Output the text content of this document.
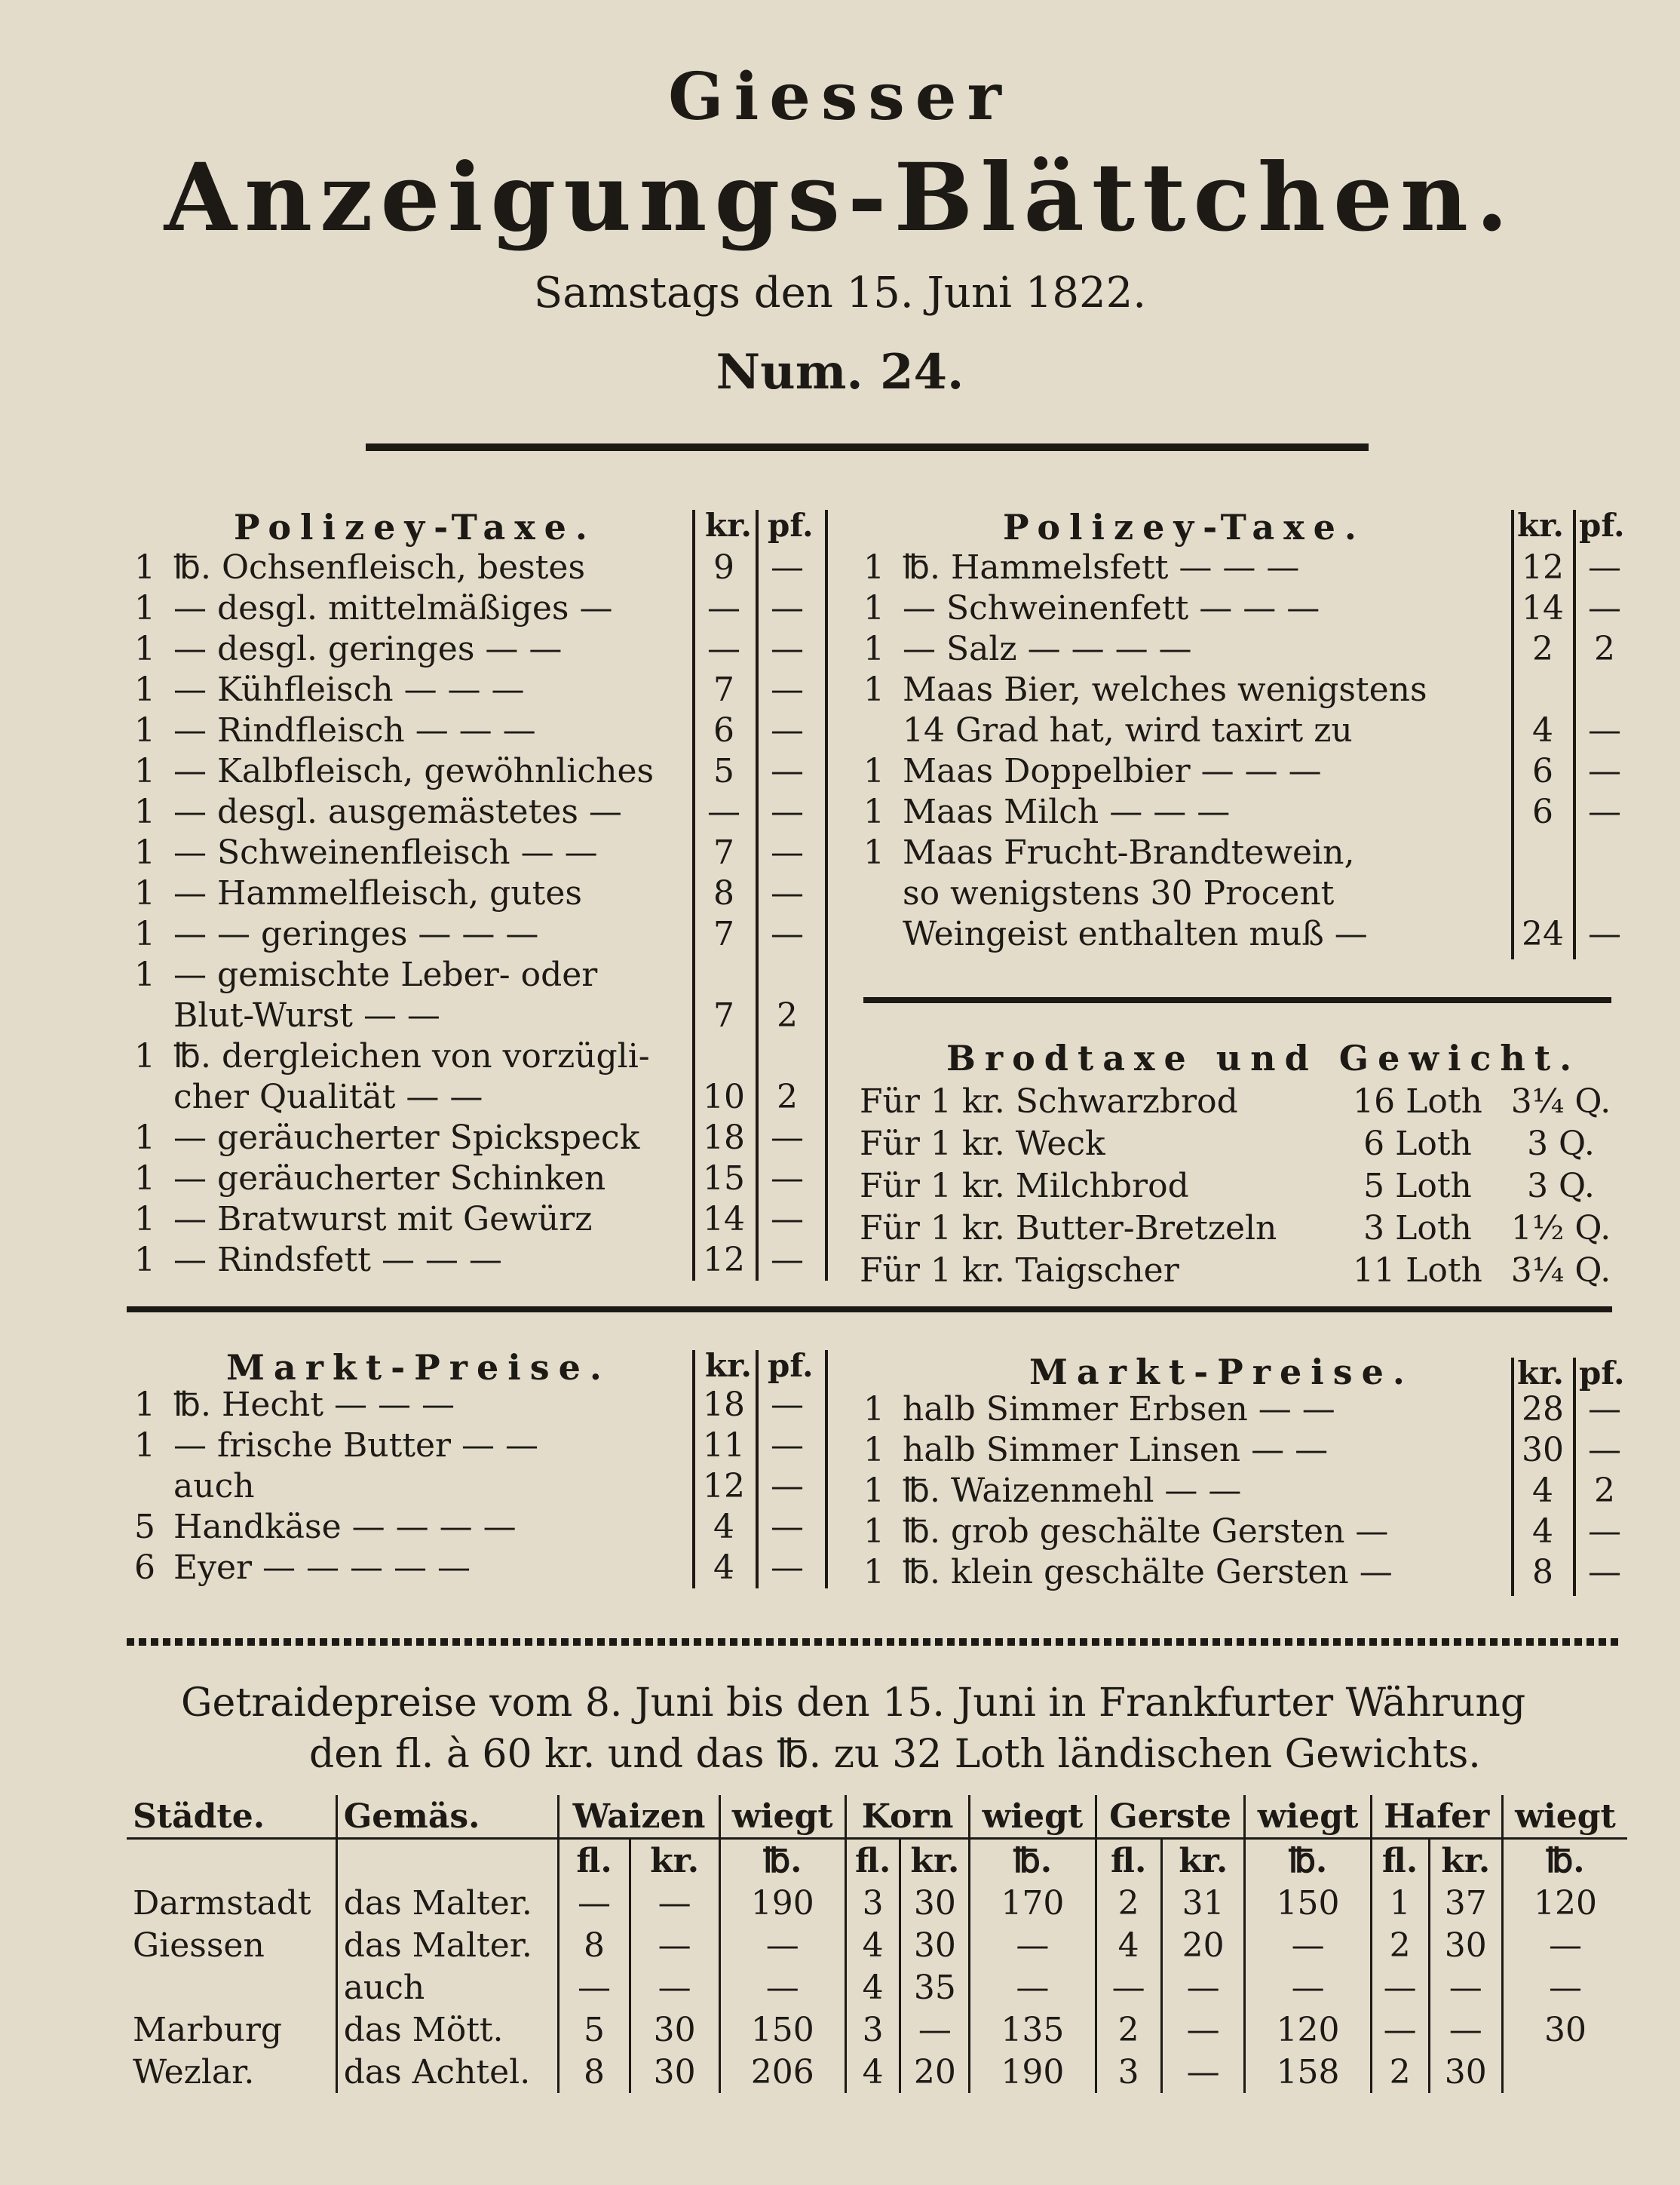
Giesser
Anzeigungs-Blättchen.
Samstags den 15. Juni 1822.
Num. 24.
Polizey-Taxe.	kr. pf.
1 ℔. Ochsenfleisch, bestes	9	—
1 — desgl. mittelmäßiges —	— —
1 — desgl. geringes — —	— —
1 — Kühfleisch — — —	7	—
1 — Rindfleisch — — —	6	—
1 — Kalbfleisch, gewöhnliches	5	—
1 — desgl. ausgemästetes —	— —
1 — Schweinenfleisch — —	7	—
1 — Hammelfleisch, gutes	8	—
1 — — geringes — — —	7	—
1 — gemischte Leber- oder
Blut-Wurst — —	7	2
1 ℔. dergleichen von vorzügli-
cher Qualität — —	10 2
1 — geräucherter Spickspeck 18 —
1 — geräucherter Schinken	15 —
1 — Bratwurst mit Gewürz	14 —
1 — Rindsfett — — —	12 —
Polizey-Taxe.	kr. pf.
1 ℔. Hammelsfett — — —	12 —
1 — Schweinenfett — — —	14 —
1 — Salz — — — —	2	2
1 Maas Bier, welches wenigstens
14 Grad hat, wird taxirt zu	4	—
1 Maas Doppelbier — — —	6	—
1 Maas Milch — — —	6	—
1 Maas Frucht-Brandtewein,
so wenigstens 30 Procent
Weingeist enthalten muß —	24 —
Brodtaxe und Gewicht.
Für 1 kr. Schwarzbrod	16 Loth 3¼ Q.
Für 1 kr. Weck	6 Loth	3 Q.
Für 1 kr. Milchbrod	5 Loth	3 Q.
Für 1 kr. Butter-Bretzeln	3 Loth	1½ Q.
Für 1 kr. Taigscher	11 Loth 3¼ Q.
Markt-Preise.	kr. pf.
1 ℔. Hecht — — —	18 —
1 — frische Butter — —	11 —
auch	12 —
5 Handkäse — — — —	4	—
6 Eyer — — — — —	4	—
Markt-Preise.	kr. pf.
1 halb Simmer Erbsen — —	28 —
1 halb Simmer Linsen — —	30 —
1 ℔. Waizenmehl — —	4	2
1 ℔. grob geschälte Gersten —	4	—
1 ℔. klein geschälte Gersten —	8	—
Getraidepreise vom 8. Juni bis den 15. Juni in Frankfurter Währung
den fl. à 60 kr. und das ℔. zu 32 Loth ländischen Gewichts.
Städte.	Gemäs.	Waizen		wiegt	Korn		wiegt	Gerste		wiegt	Hafer		wiegt
		fl.	kr.	℔.	fl.	kr.	℔.	fl.	kr.	℔.	fl.	kr.	℔.
Darmstadt	das Malter.	—	—	190	3	30	170	2	31	150	1	37	120
Giessen	das Malter.	8	—	—	4	30	—	4	20	—	2	30	—
	auch	—	—	—	4	35	—	—	—	—	—	—	—
Marburg	das Mött.	5	30	150	3	—	135	2	—	120	—	—	30
Wezlar.	das Achtel.	8	30	206	4	20	190	3	—	158	2	30	
